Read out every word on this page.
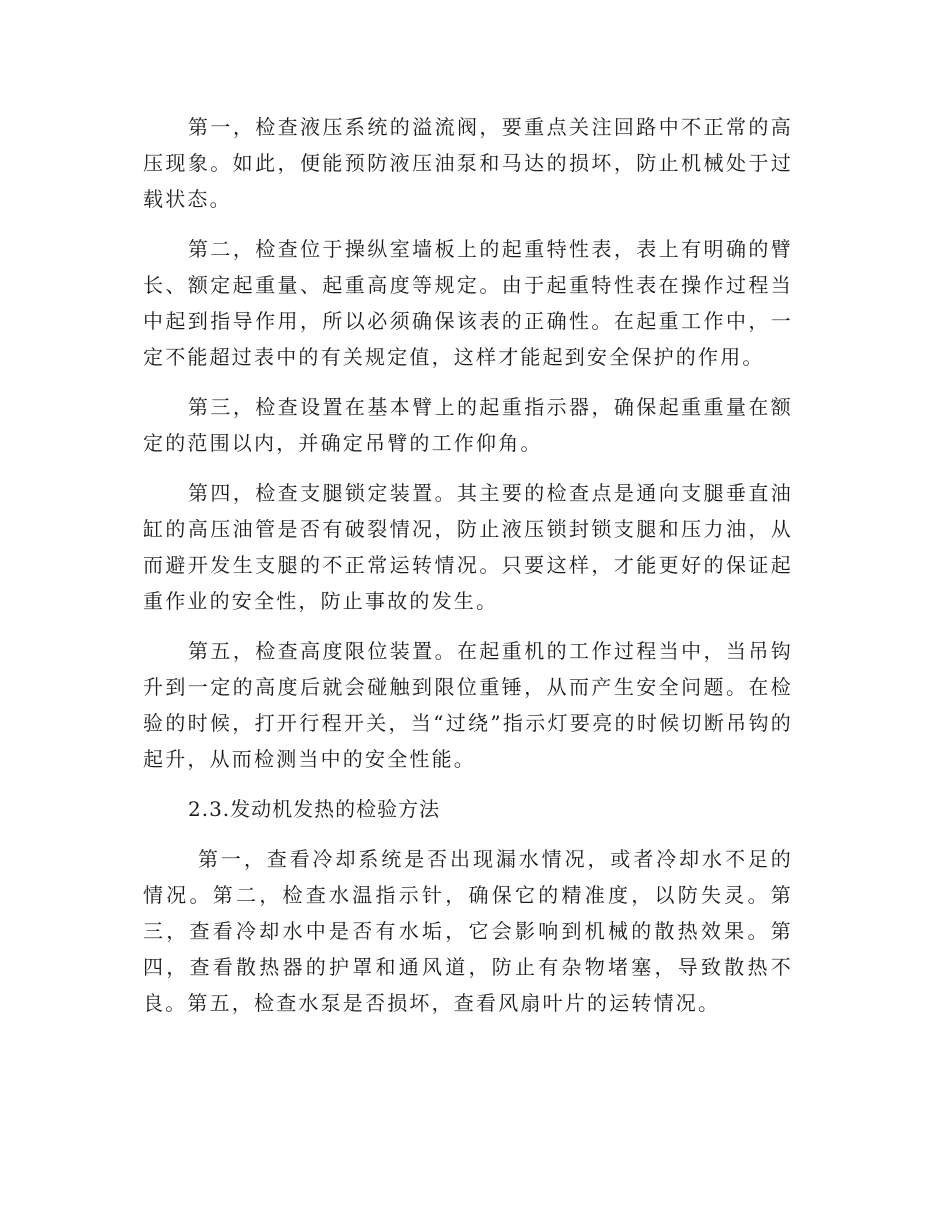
第一，检查液压系统的溢流阀，要重点关注回路中不正常的高压现象。如此，便能预防液压油泵和马达的损坏，防止机械处于过载状态。

第二，检查位于操纵室墙板上的起重特性表，表上有明确的臂长、额定起重量、起重高度等规定。由于起重特性表在操作过程当中起到指导作用，所以必须确保该表的正确性。在起重工作中，一定不能超过表中的有关规定值，这样才能起到安全保护的作用。

第三，检查设置在基本臂上的起重指示器，确保起重重量在额定的范围以内，并确定吊臂的工作仰角。

第四，检查支腿锁定装置。其主要的检查点是通向支腿垂直油缸的高压油管是否有破裂情况，防止液压锁封锁支腿和压力油，从而避开发生支腿的不正常运转情况。只要这样，才能更好的保证起重作业的安全性，防止事故的发生。

第五，检查高度限位装置。在起重机的工作过程当中，当吊钩升到一定的高度后就会碰触到限位重锤，从而产生安全问题。在检验的时候，打开行程开关，当“过绕”指示灯要亮的时候切断吊钩的起升，从而检测当中的安全性能。

2.3.发动机发热的检验方法

第一，查看冷却系统是否出现漏水情况，或者冷却水不足的情况。第二，检查水温指示针，确保它的精准度，以防失灵。第三，查看冷却水中是否有水垢，它会影响到机械的散热效果。第四，查看散热器的护罩和通风道，防止有杂物堵塞，导致散热不良。第五，检查水泵是否损坏，查看风扇叶片的运转情况。
